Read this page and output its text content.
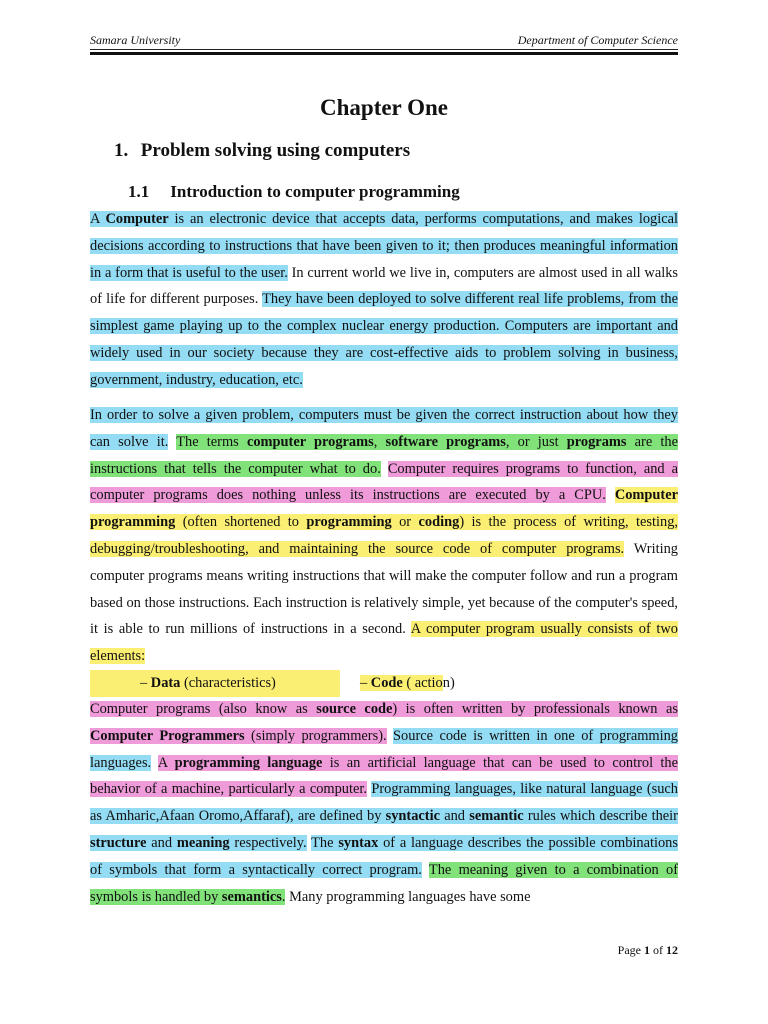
Samara University	Department of Computer Science
Chapter One
1. Problem solving using computers
1.1 Introduction to computer programming

A Computer is an electronic device that accepts data, performs computations, and makes logical decisions according to instructions that have been given to it; then produces meaningful information in a form that is useful to the user. In current world we live in, computers are almost used in all walks of life for different purposes. They have been deployed to solve different real life problems, from the simplest game playing up to the complex nuclear energy production. Computers are important and widely used in our society because they are cost-effective aids to problem solving in business, government, industry, education, etc.

In order to solve a given problem, computers must be given the correct instruction about how they can solve it. The terms computer programs, software programs, or just programs are the instructions that tells the computer what to do. Computer requires programs to function, and a computer programs does nothing unless its instructions are executed by a CPU. Computer programming (often shortened to programming or coding) is the process of writing, testing, debugging/troubleshooting, and maintaining the source code of computer programs. Writing computer programs means writing instructions that will make the computer follow and run a program based on those instructions. Each instruction is relatively simple, yet because of the computer's speed, it is able to run millions of instructions in a second. A computer program usually consists of two elements:

– Data (characteristics)	– Code ( action)

Computer programs (also know as source code) is often written by professionals known as Computer Programmers (simply programmers). Source code is written in one of programming languages. A programming language is an artificial language that can be used to control the behavior of a machine, particularly a computer. Programming languages, like natural language (such as Amharic,Afaan Oromo,Affaraf), are defined by syntactic and semantic rules which describe their structure and meaning respectively. The syntax of a language describes the possible combinations of symbols that form a syntactically correct program. The meaning given to a combination of symbols is handled by semantics. Many programming languages have some

Page 1 of 12
